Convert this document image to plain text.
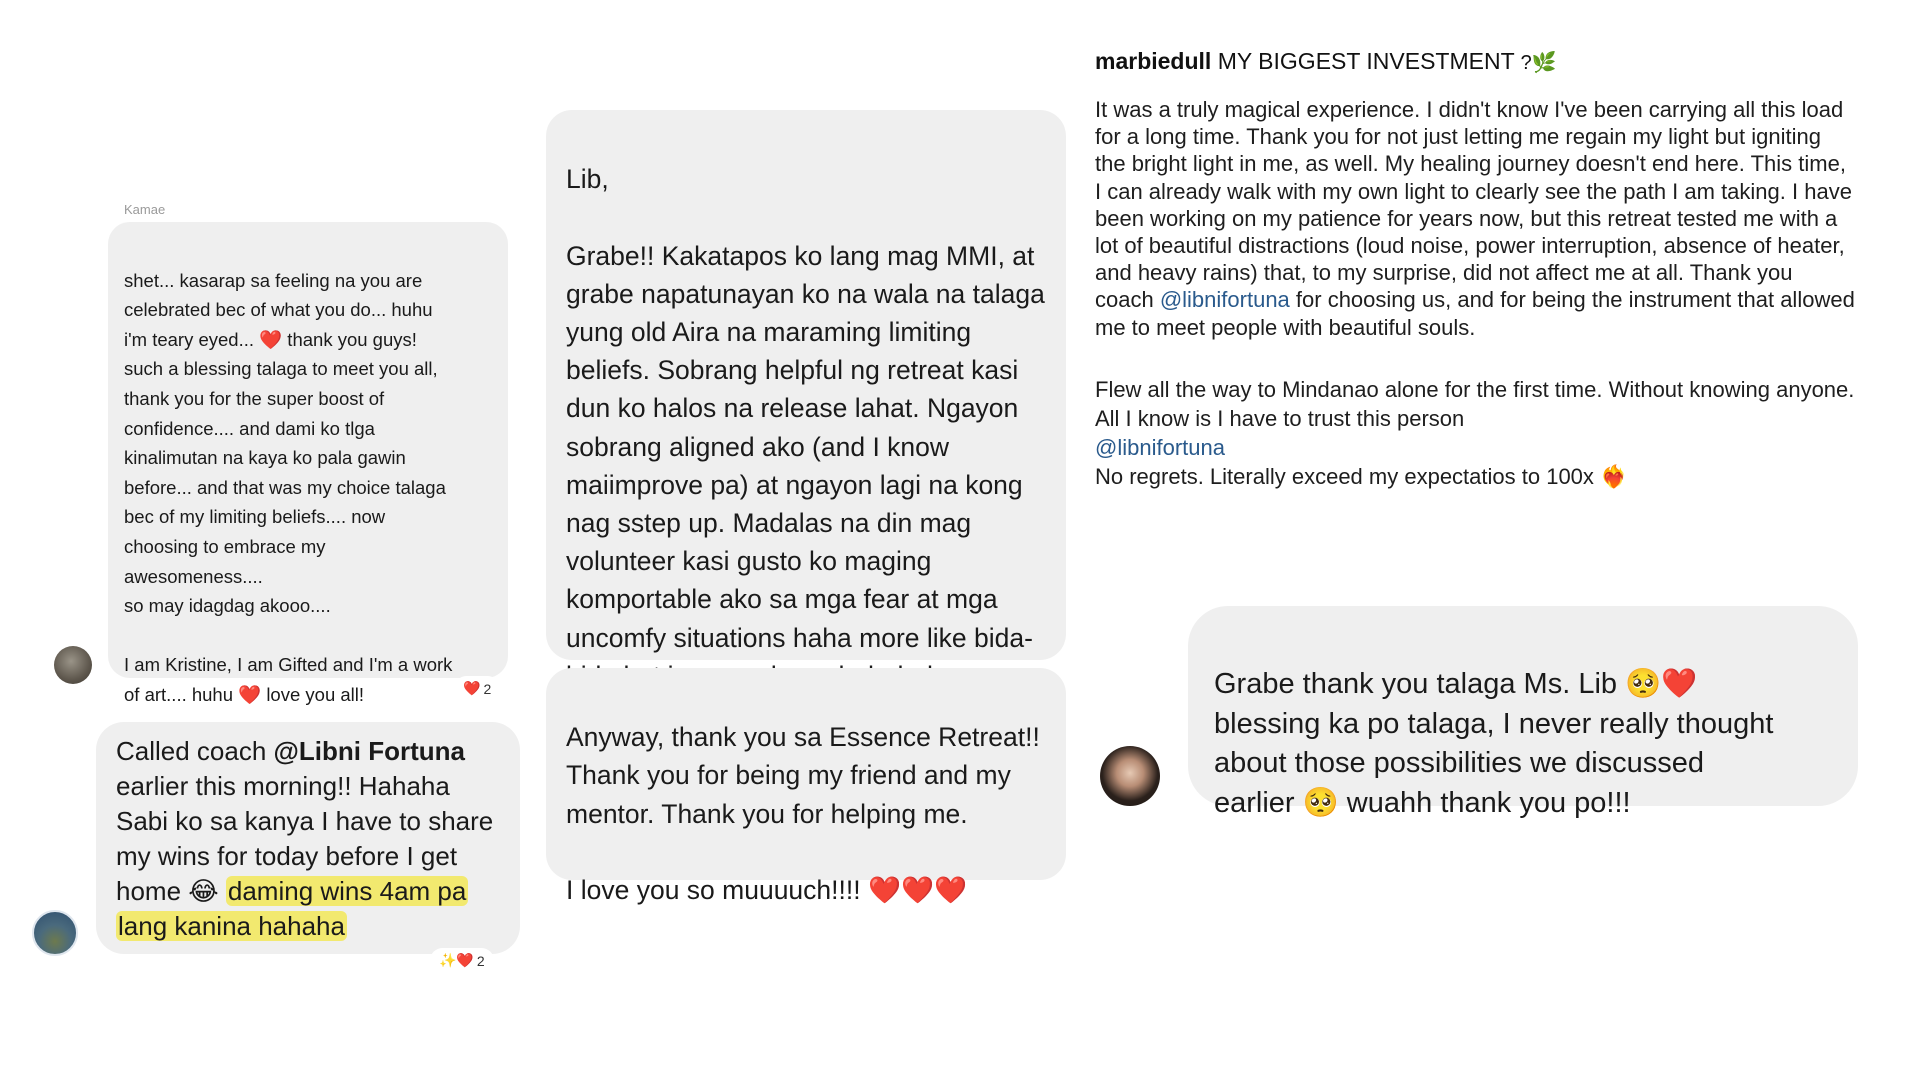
Kamae

shet... kasarap sa feeling na you are
celebrated bec of what you do... huhu
i'm teary eyed... ❤️ thank you guys!
such a blessing talaga to meet you all,
thank you for the super boost of
confidence.... and dami ko tlga
kinalimutan na kaya ko pala gawin
before... and that was my choice talaga
bec of my limiting beliefs.... now
choosing to embrace my
awesomeness....
so may idagdag akooo....

I am Kristine, I am Gifted and I'm a work
of art.... huhu ❤️ love you all!	❤️ 2
Called coach @Libni Fortuna
earlier this morning!! Hahaha
Sabi ko sa kanya I have to share
my wins for today before I get
home 😂 daming wins 4am pa
lang kanina hahaha
✨❤️ 2

Lib,

Grabe!! Kakatapos ko lang mag MMI, at
grabe napatunayan ko na wala na talaga
yung old Aira na maraming limiting
beliefs. Sobrang helpful ng retreat kasi
dun ko halos na release lahat. Ngayon
sobrang aligned ako (and I know
maiimprove pa) at ngayon lagi na kong
nag sstep up. Madalas na din mag
volunteer kasi gusto ko maging
komportable ako sa mga fear at mga
uncomfy situations haha more like bida-

Anyway, thank you sa Essence Retreat!!
Thank you for being my friend and my
mentor. Thank you for helping me.

I love you so muuuuch!!!! ❤️❤️❤️

marbiedull MY BIGGEST INVESTMENT ?🌿

It was a truly magical experience. I didn't know I've been carrying all this load for a long time. Thank you for not just letting me regain my light but igniting the bright light in me, as well. My healing journey doesn't end here. This time, I can already walk with my own light to clearly see the path I am taking. I have been working on my patience for years now, but this retreat tested me with a lot of beautiful distractions (loud noise, power interruption, absence of heater, and heavy rains) that, to my surprise, did not affect me at all. Thank you coach @libnifortuna for choosing us, and for being the instrument that allowed me to meet people with beautiful souls.

Flew all the way to Mindanao alone for the first time. Without knowing anyone. All I know is I have to trust this person
@libnifortuna
No regrets. Literally exceed my expectatios to 100x ❤️‍🔥

Grabe thank you talaga Ms. Lib 🥺❤️
blessing ka po talaga, I never really thought
about those possibilities we discussed
earlier 🥺 wuahh thank you po!!!
